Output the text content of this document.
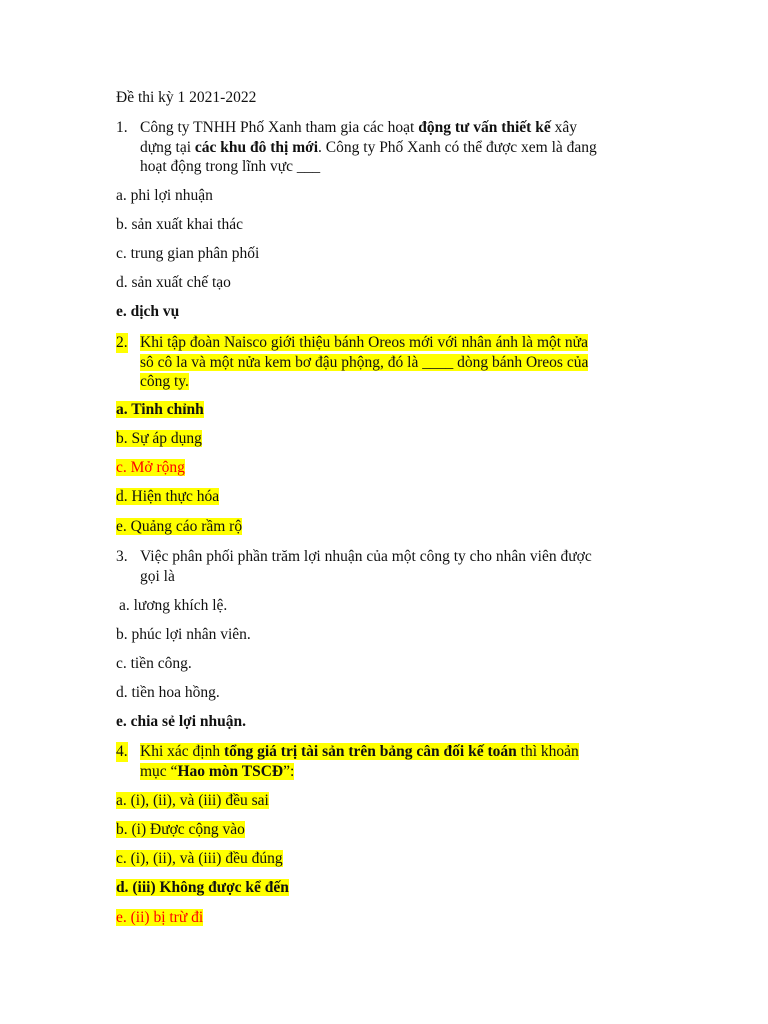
Đề thi kỳ 1 2021-2022
1. Công ty TNHH Phố Xanh tham gia các hoạt động tư vấn thiết kế xây
dựng tại các khu đô thị mới. Công ty Phố Xanh có thể được xem là đang
hoạt động trong lĩnh vực ___
a. phi lợi nhuận
b. sản xuất khai thác
c. trung gian phân phối
d. sản xuất chế tạo
e. dịch vụ
2. Khi tập đoàn Naisco giới thiệu bánh Oreos mới với nhân ánh là một nửa
sô cô la và một nửa kem bơ đậu phộng, đó là ____ dòng bánh Oreos của
công ty.
a. Tinh chỉnh
b. Sự áp dụng
c. Mở rộng
d. Hiện thực hóa
e. Quảng cáo rầm rộ
3. Việc phân phối phần trăm lợi nhuận của một công ty cho nhân viên được
gọi là
a. lương khích lệ.
b. phúc lợi nhân viên.
c. tiền công.
d. tiền hoa hồng.
e. chia sẻ lợi nhuận.
4. Khi xác định tổng giá trị tài sản trên bảng cân đối kế toán thì khoản
mục “Hao mòn TSCĐ”:
a. (i), (ii), và (iii) đều sai
b. (i) Được cộng vào
c. (i), (ii), và (iii) đều đúng
d. (iii) Không được kể đến
e. (ii) bị trừ đi
